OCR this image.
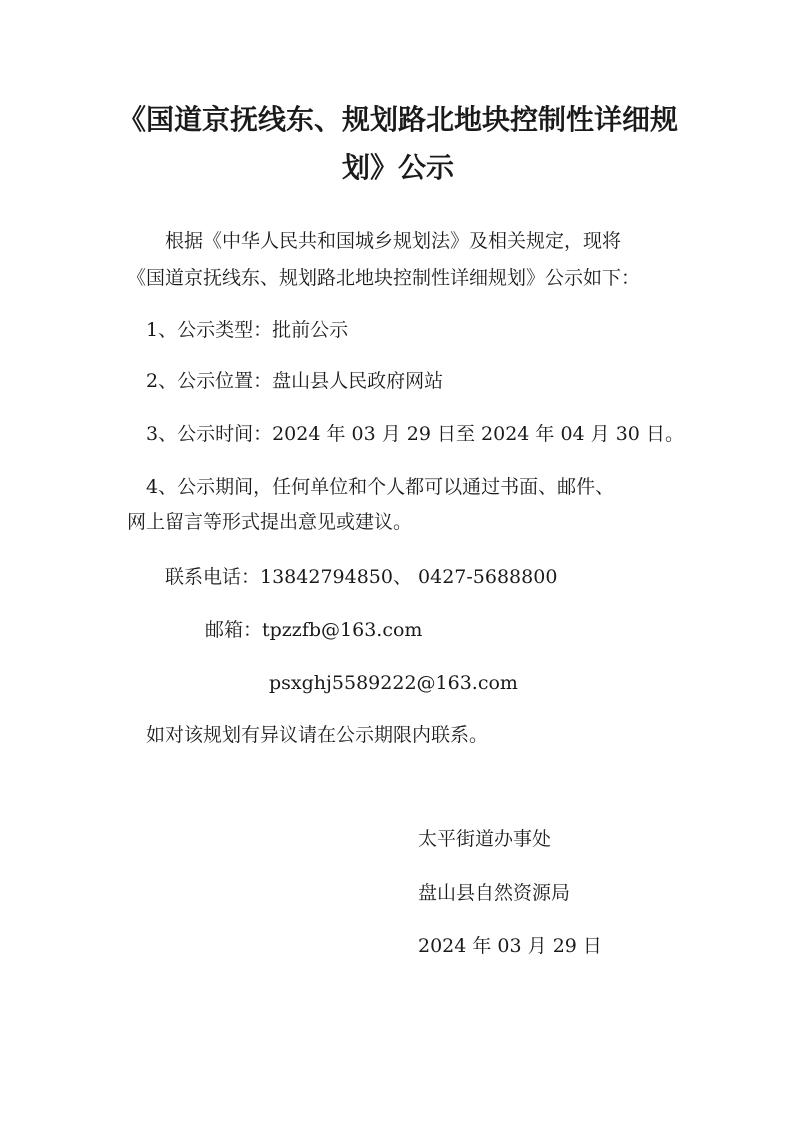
《国道京抚线东、规划路北地块控制性详细规划》公示
根据《中华人民共和国城乡规划法》及相关规定，现将
《国道京抚线东、规划路北地块控制性详细规划》公示如下：
1、公示类型：批前公示
2、公示位置：盘山县人民政府网站
3、公示时间：2024 年 03 月 29 日至 2024 年 04 月 30 日。
4、公示期间，任何单位和个人都可以通过书面、邮件、
网上留言等形式提出意见或建议。
联系电话：13842794850、 0427-5688800
邮箱：tpzzfb@163.com
psxghj5589222@163.com
如对该规划有异议请在公示期限内联系。
太平街道办事处
盘山县自然资源局
2024 年 03 月 29 日
